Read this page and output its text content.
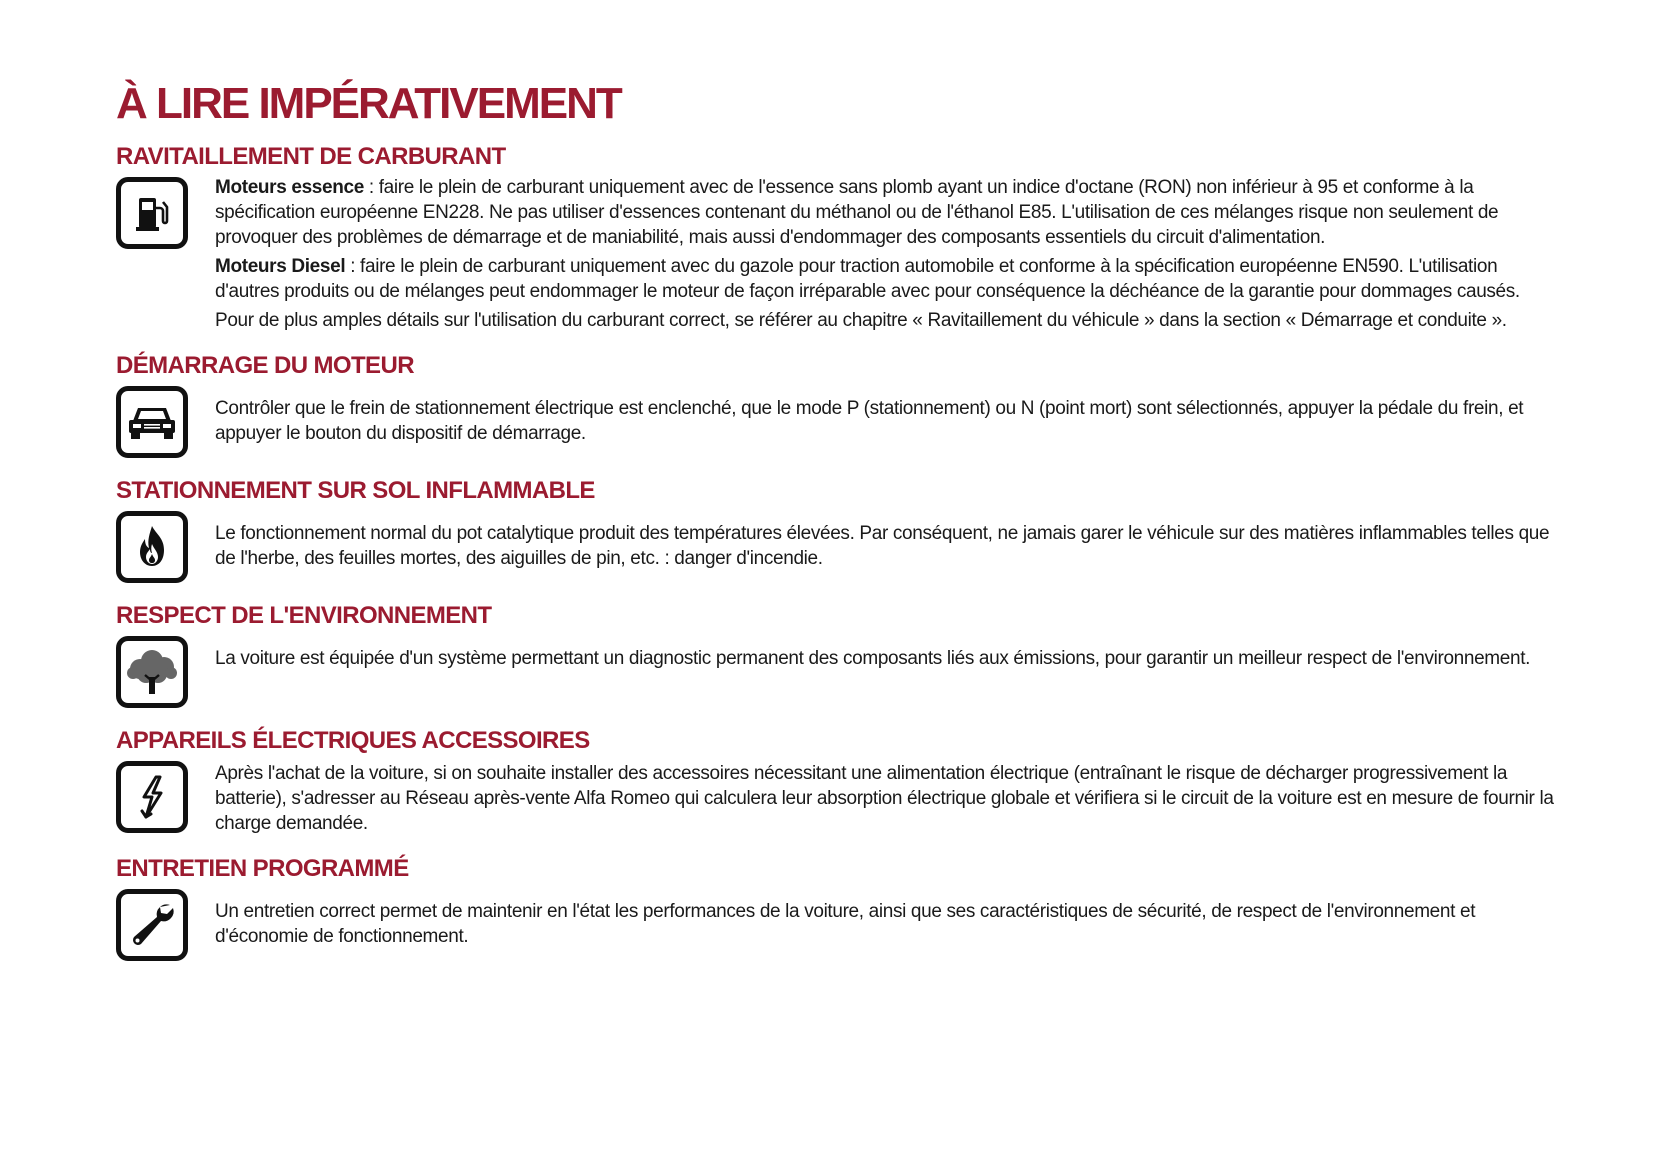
À LIRE IMPÉRATIVEMENT
RAVITAILLEMENT DE CARBURANT

Moteurs essence : faire le plein de carburant uniquement avec de l'essence sans plomb ayant un indice d'octane (RON) non inférieur à 95 et conforme à la spécification européenne EN228. Ne pas utiliser d'essences contenant du méthanol ou de l'éthanol E85. L'utilisation de ces mélanges risque non seulement de provoquer des problèmes de démarrage et de maniabilité, mais aussi d'endommager des composants essentiels du circuit d'alimentation.

Moteurs Diesel : faire le plein de carburant uniquement avec du gazole pour traction automobile et conforme à la spécification européenne EN590. L'utilisation d'autres produits ou de mélanges peut endommager le moteur de façon irréparable avec pour conséquence la déchéance de la garantie pour dommages causés.

Pour de plus amples détails sur l'utilisation du carburant correct, se référer au chapitre « Ravitaillement du véhicule » dans la section « Démarrage et conduite ».

DÉMARRAGE DU MOTEUR

Contrôler que le frein de stationnement électrique est enclenché, que le mode P (stationnement) ou N (point mort) sont sélectionnés, appuyer la pédale du frein, et appuyer le bouton du dispositif de démarrage.

STATIONNEMENT SUR SOL INFLAMMABLE

Le fonctionnement normal du pot catalytique produit des températures élevées. Par conséquent, ne jamais garer le véhicule sur des matières inflammables telles que de l'herbe, des feuilles mortes, des aiguilles de pin, etc. : danger d'incendie.

RESPECT DE L'ENVIRONNEMENT

La voiture est équipée d'un système permettant un diagnostic permanent des composants liés aux émissions, pour garantir un meilleur respect de l'environnement.

APPAREILS ÉLECTRIQUES ACCESSOIRES

Après l'achat de la voiture, si on souhaite installer des accessoires nécessitant une alimentation électrique (entraînant le risque de décharger progressivement la batterie), s'adresser au Réseau après-vente Alfa Romeo qui calculera leur absorption électrique globale et vérifiera si le circuit de la voiture est en mesure de fournir la charge demandée.

ENTRETIEN PROGRAMMÉ

Un entretien correct permet de maintenir en l'état les performances de la voiture, ainsi que ses caractéristiques de sécurité, de respect de l'environnement et d'économie de fonctionnement.
